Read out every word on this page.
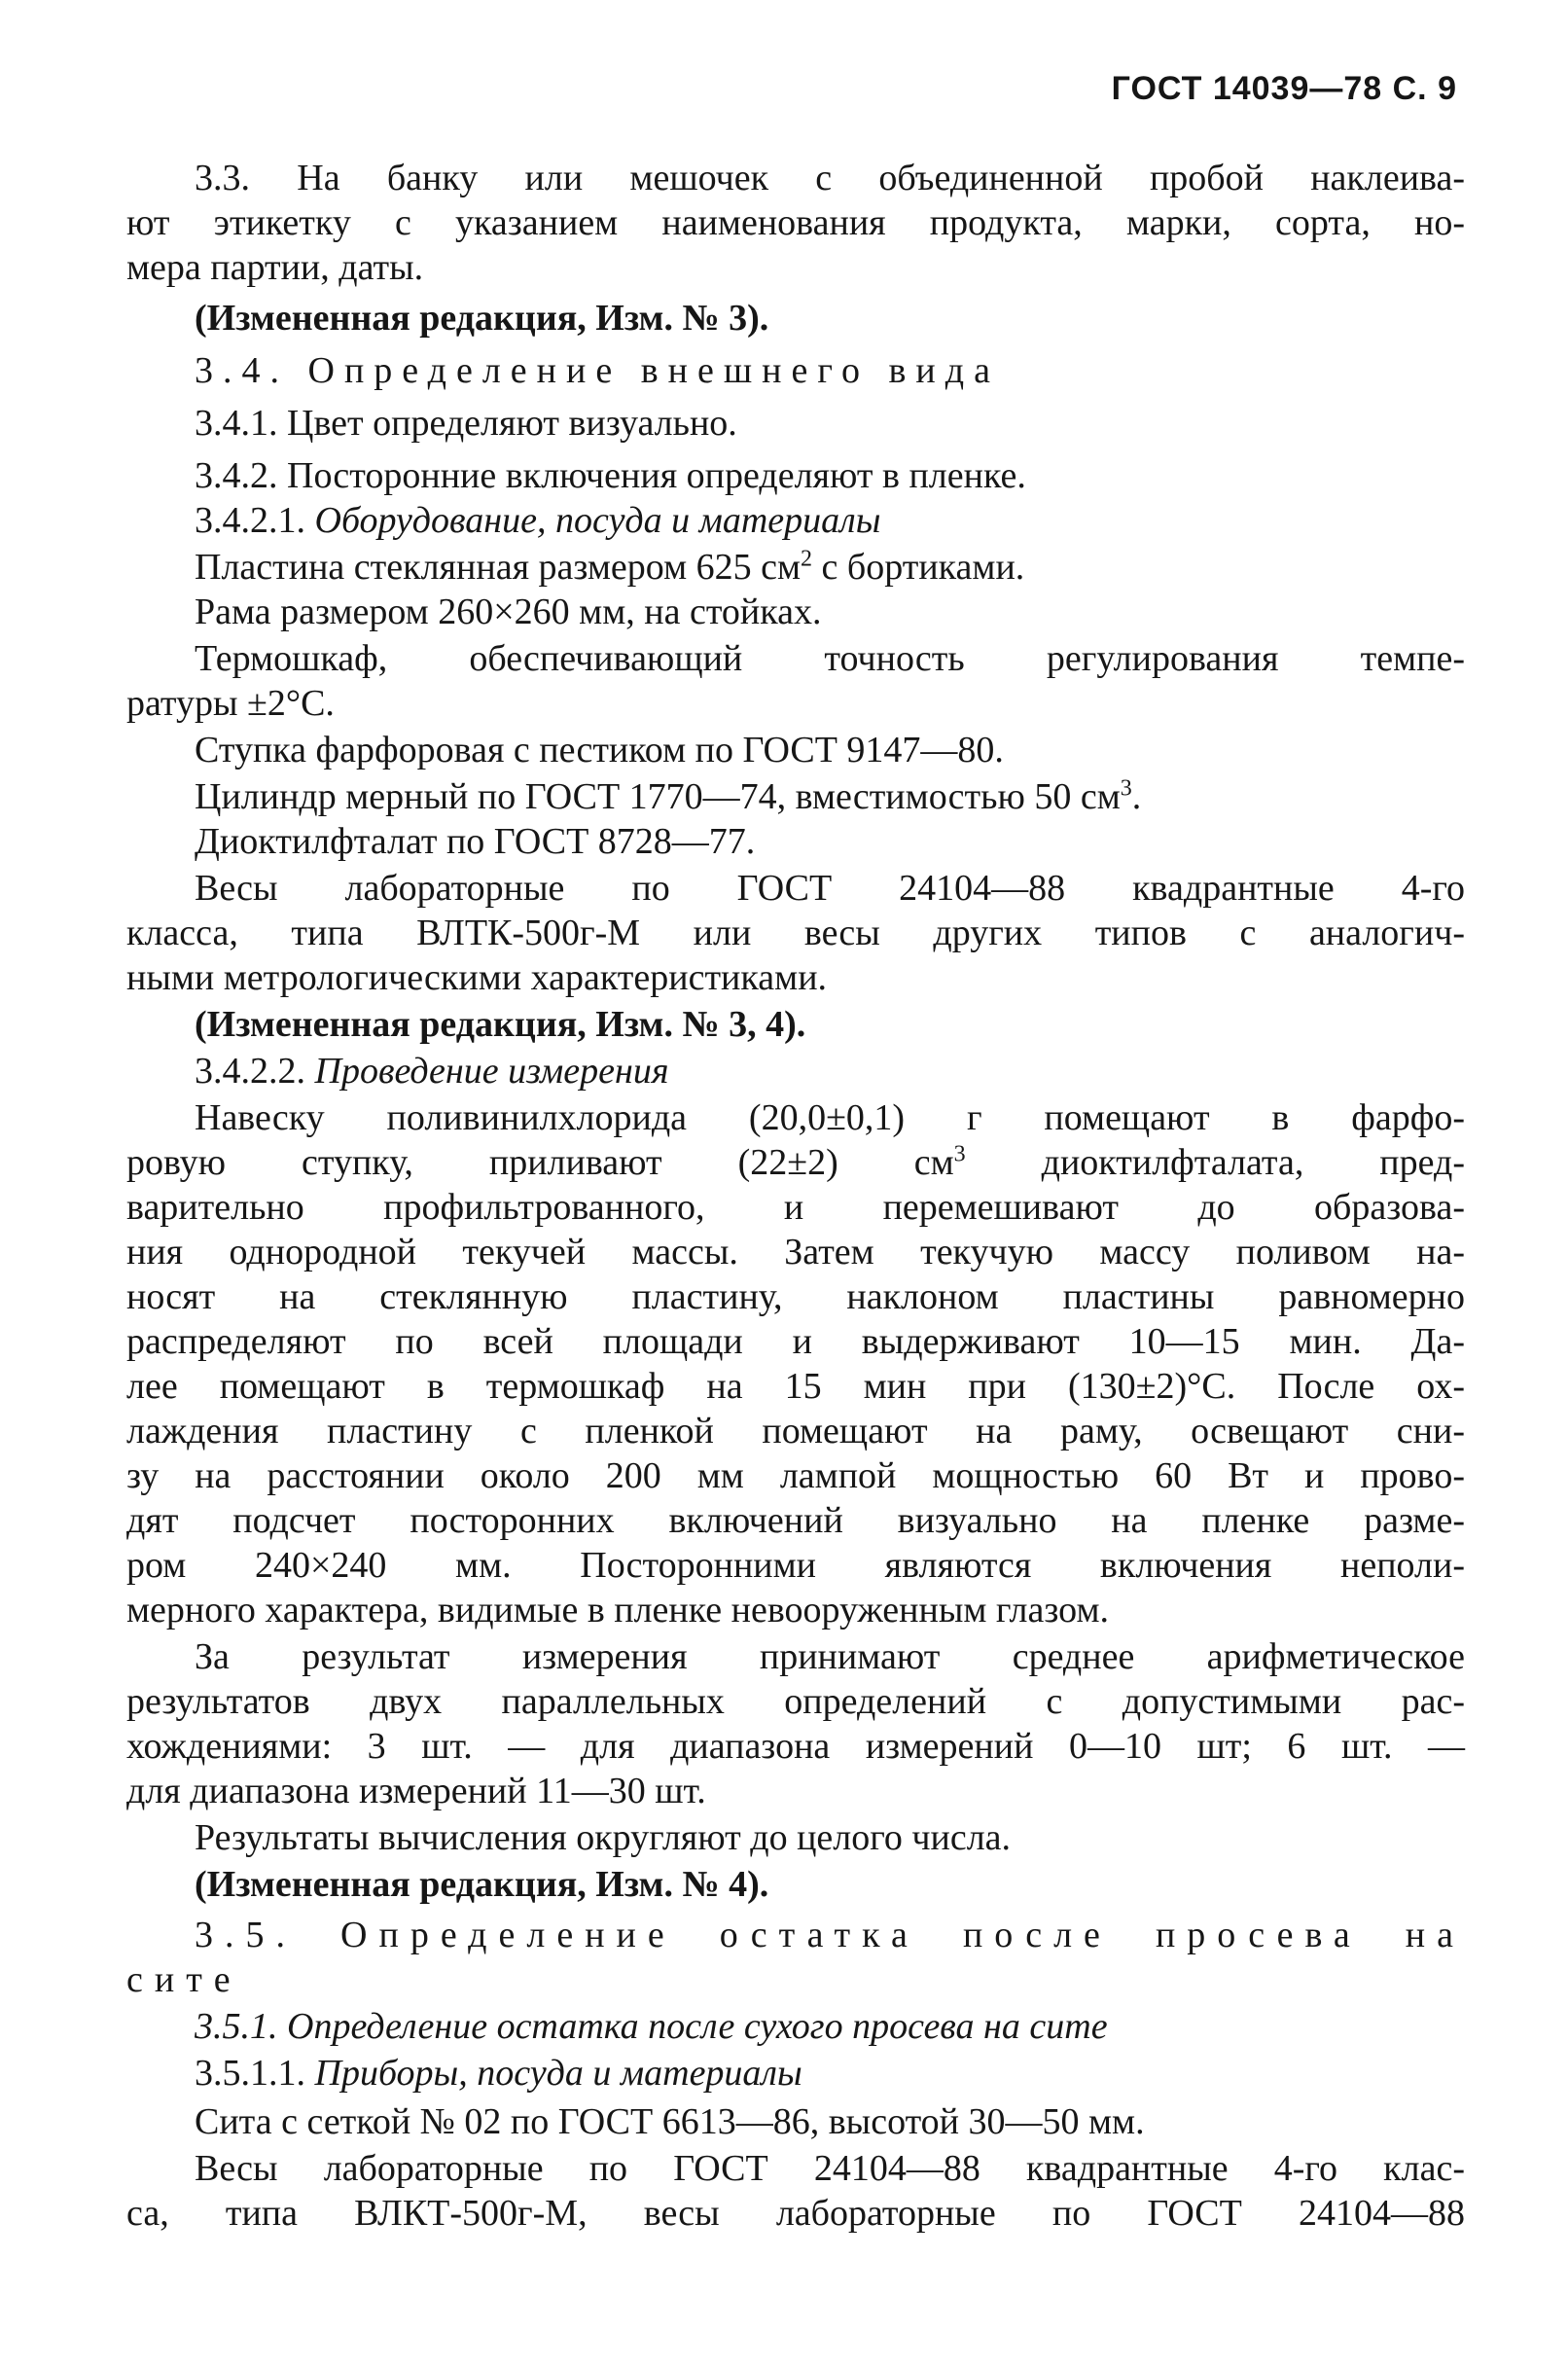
ГОСТ 14039—78 С. 9
3.3. На банку или мешочек с объединенной пробой наклеива-
ют этикетку с указанием наименования продукта, марки, сорта, но-
мера партии, даты.
(Измененная редакция, Изм. № 3).
3.4. Определение внешнего вида
3.4.1. Цвет определяют визуально.
3.4.2. Посторонние включения определяют в пленке.
3.4.2.1. Оборудование, посуда и материалы
Пластина стеклянная размером 625 $см^2$ с бортиками.
Рама размером 260×260 мм, на стойках.
Термошкаф, обеспечивающий точность регулирования темпе-
ратуры ±2°С.
Ступка фарфоровая с пестиком по ГОСТ 9147—80.
Цилиндр мерный по ГОСТ 1770—74, вместимостью 50 $см^3$.
Диоктилфталат по ГОСТ 8728—77.
Весы лабораторные по ГОСТ 24104—88 квадрантные 4-го
класса, типа ВЛТК-500г-М или весы других типов с аналогич-
ными метрологическими характеристиками.
(Измененная редакция, Изм. № 3, 4).
3.4.2.2. Проведение измерения
Навеску поливинилхлорида (20,0±0,1) г помещают в фарфо-
ровую ступку, приливают (22±2) $см^3$ диоктилфталата, пред-
варительно профильтрованного, и перемешивают до образова-
ния однородной текучей массы. Затем текучую массу поливом на-
носят на стеклянную пластину, наклоном пластины равномерно
распределяют по всей площади и выдерживают 10—15 мин. Да-
лее помещают в термошкаф на 15 мин при (130±2)°С. После ох-
лаждения пластину с пленкой помещают на раму, освещают сни-
зу на расстоянии около 200 мм лампой мощностью 60 Вт и прово-
дят подсчет посторонних включений визуально на пленке разме-
ром 240×240 мм. Посторонними являются включения неполи-
мерного характера, видимые в пленке невооруженным глазом.
За результат измерения принимают среднее арифметическое
результатов двух параллельных определений с допустимыми рас-
хождениями: 3 шт. — для диапазона измерений 0—10 шт; 6 шт. —
для диапазона измерений 11—30 шт.
Результаты вычисления округляют до целого числа.
(Измененная редакция, Изм. № 4).
3.5. Определение остатка после просева на
сите
3.5.1. Определение остатка после сухого просева на сите
3.5.1.1. Приборы, посуда и материалы
Сита с сеткой № 02 по ГОСТ 6613—86, высотой 30—50 мм.
Весы лабораторные по ГОСТ 24104—88 квадрантные 4-го клас-
са, типа ВЛКТ-500г-М, весы лабораторные по ГОСТ 24104—88
